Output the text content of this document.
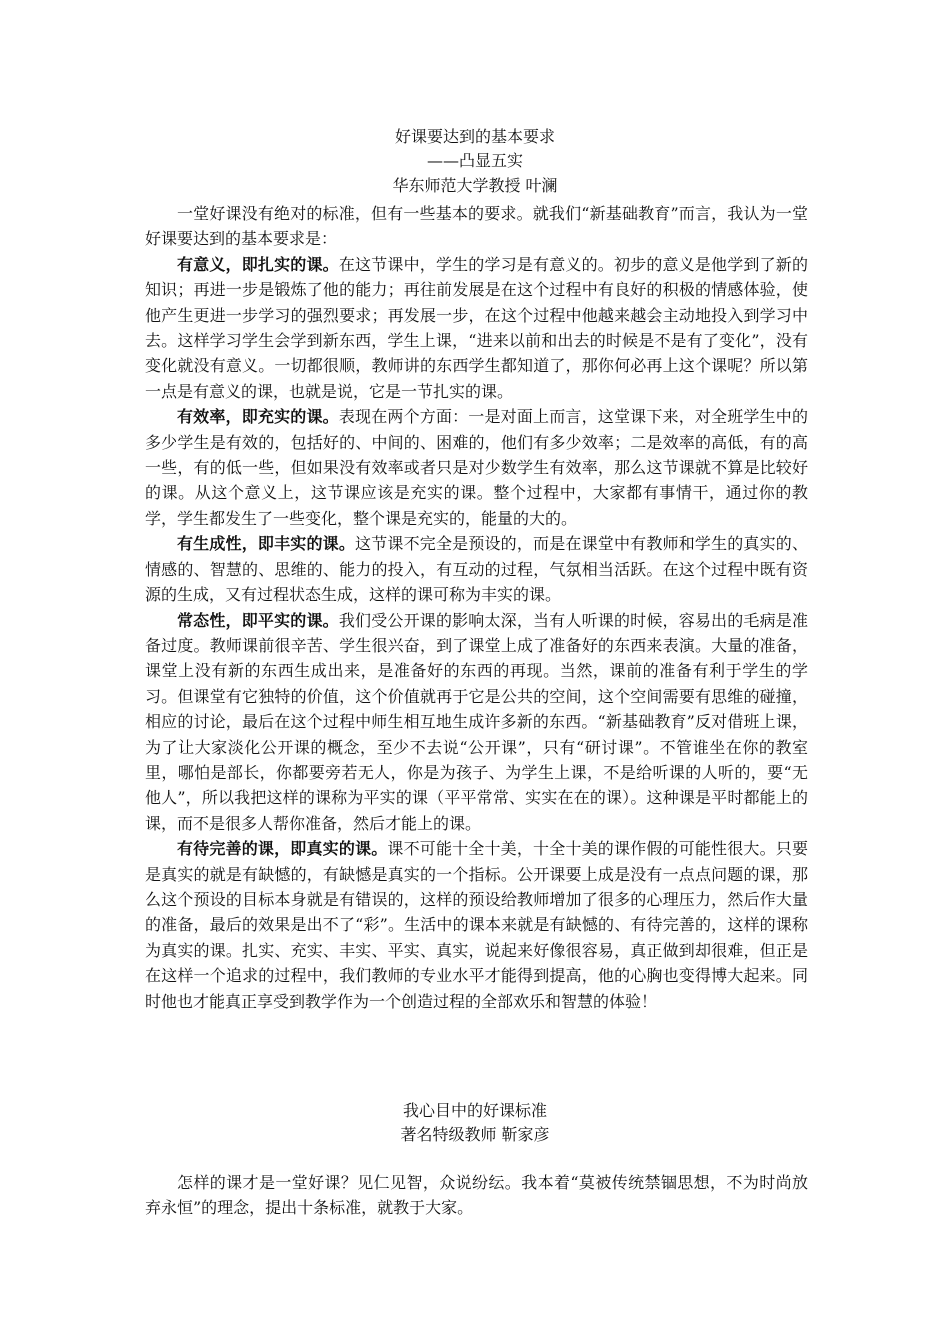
好课要达到的基本要求

——凸显五实

华东师范大学教授 叶澜

一堂好课没有绝对的标准，但有一些基本的要求。就我们“新基础教育”而言，我认为一堂好课要达到的基本要求是：

有意义，即扎实的课。在这节课中，学生的学习是有意义的。初步的意义是他学到了新的知识；再进一步是锻炼了他的能力；再往前发展是在这个过程中有良好的积极的情感体验，使他产生更进一步学习的强烈要求；再发展一步，在这个过程中他越来越会主动地投入到学习中去。这样学习学生会学到新东西，学生上课，“进来以前和出去的时候是不是有了变化”，没有变化就没有意义。一切都很顺，教师讲的东西学生都知道了，那你何必再上这个课呢？所以第一点是有意义的课，也就是说，它是一节扎实的课。

有效率，即充实的课。表现在两个方面：一是对面上而言，这堂课下来，对全班学生中的多少学生是有效的，包括好的、中间的、困难的，他们有多少效率；二是效率的高低，有的高一些，有的低一些，但如果没有效率或者只是对少数学生有效率，那么这节课就不算是比较好的课。从这个意义上，这节课应该是充实的课。整个过程中，大家都有事情干，通过你的教学，学生都发生了一些变化，整个课是充实的，能量的大的。

有生成性，即丰实的课。这节课不完全是预设的，而是在课堂中有教师和学生的真实的、情感的、智慧的、思维的、能力的投入，有互动的过程，气氛相当活跃。在这个过程中既有资源的生成，又有过程状态生成，这样的课可称为丰实的课。

常态性，即平实的课。我们受公开课的影响太深，当有人听课的时候，容易出的毛病是准备过度。教师课前很辛苦、学生很兴奋，到了课堂上成了准备好的东西来表演。大量的准备，课堂上没有新的东西生成出来，是准备好的东西的再现。当然，课前的准备有利于学生的学习。但课堂有它独特的价值，这个价值就再于它是公共的空间，这个空间需要有思维的碰撞，相应的讨论，最后在这个过程中师生相互地生成许多新的东西。“新基础教育”反对借班上课，为了让大家淡化公开课的概念，至少不去说“公开课”，只有“研讨课”。不管谁坐在你的教室里，哪怕是部长，你都要旁若无人，你是为孩子、为学生上课，不是给听课的人听的，要“无他人”，所以我把这样的课称为平实的课（平平常常、实实在在的课）。这种课是平时都能上的课，而不是很多人帮你准备，然后才能上的课。

有待完善的课，即真实的课。课不可能十全十美，十全十美的课作假的可能性很大。只要是真实的就是有缺憾的，有缺憾是真实的一个指标。公开课要上成是没有一点点问题的课，那么这个预设的目标本身就是有错误的，这样的预设给教师增加了很多的心理压力，然后作大量的准备，最后的效果是出不了“彩”。生活中的课本来就是有缺憾的、有待完善的，这样的课称为真实的课。扎实、充实、丰实、平实、真实，说起来好像很容易，真正做到却很难，但正是在这样一个追求的过程中，我们教师的专业水平才能得到提高，他的心胸也变得博大起来。同时他也才能真正享受到教学作为一个创造过程的全部欢乐和智慧的体验！

我心目中的好课标准

著名特级教师 靳家彦

怎样的课才是一堂好课？见仁见智，众说纷纭。我本着“莫被传统禁锢思想，不为时尚放弃永恒”的理念，提出十条标准，就教于大家。
